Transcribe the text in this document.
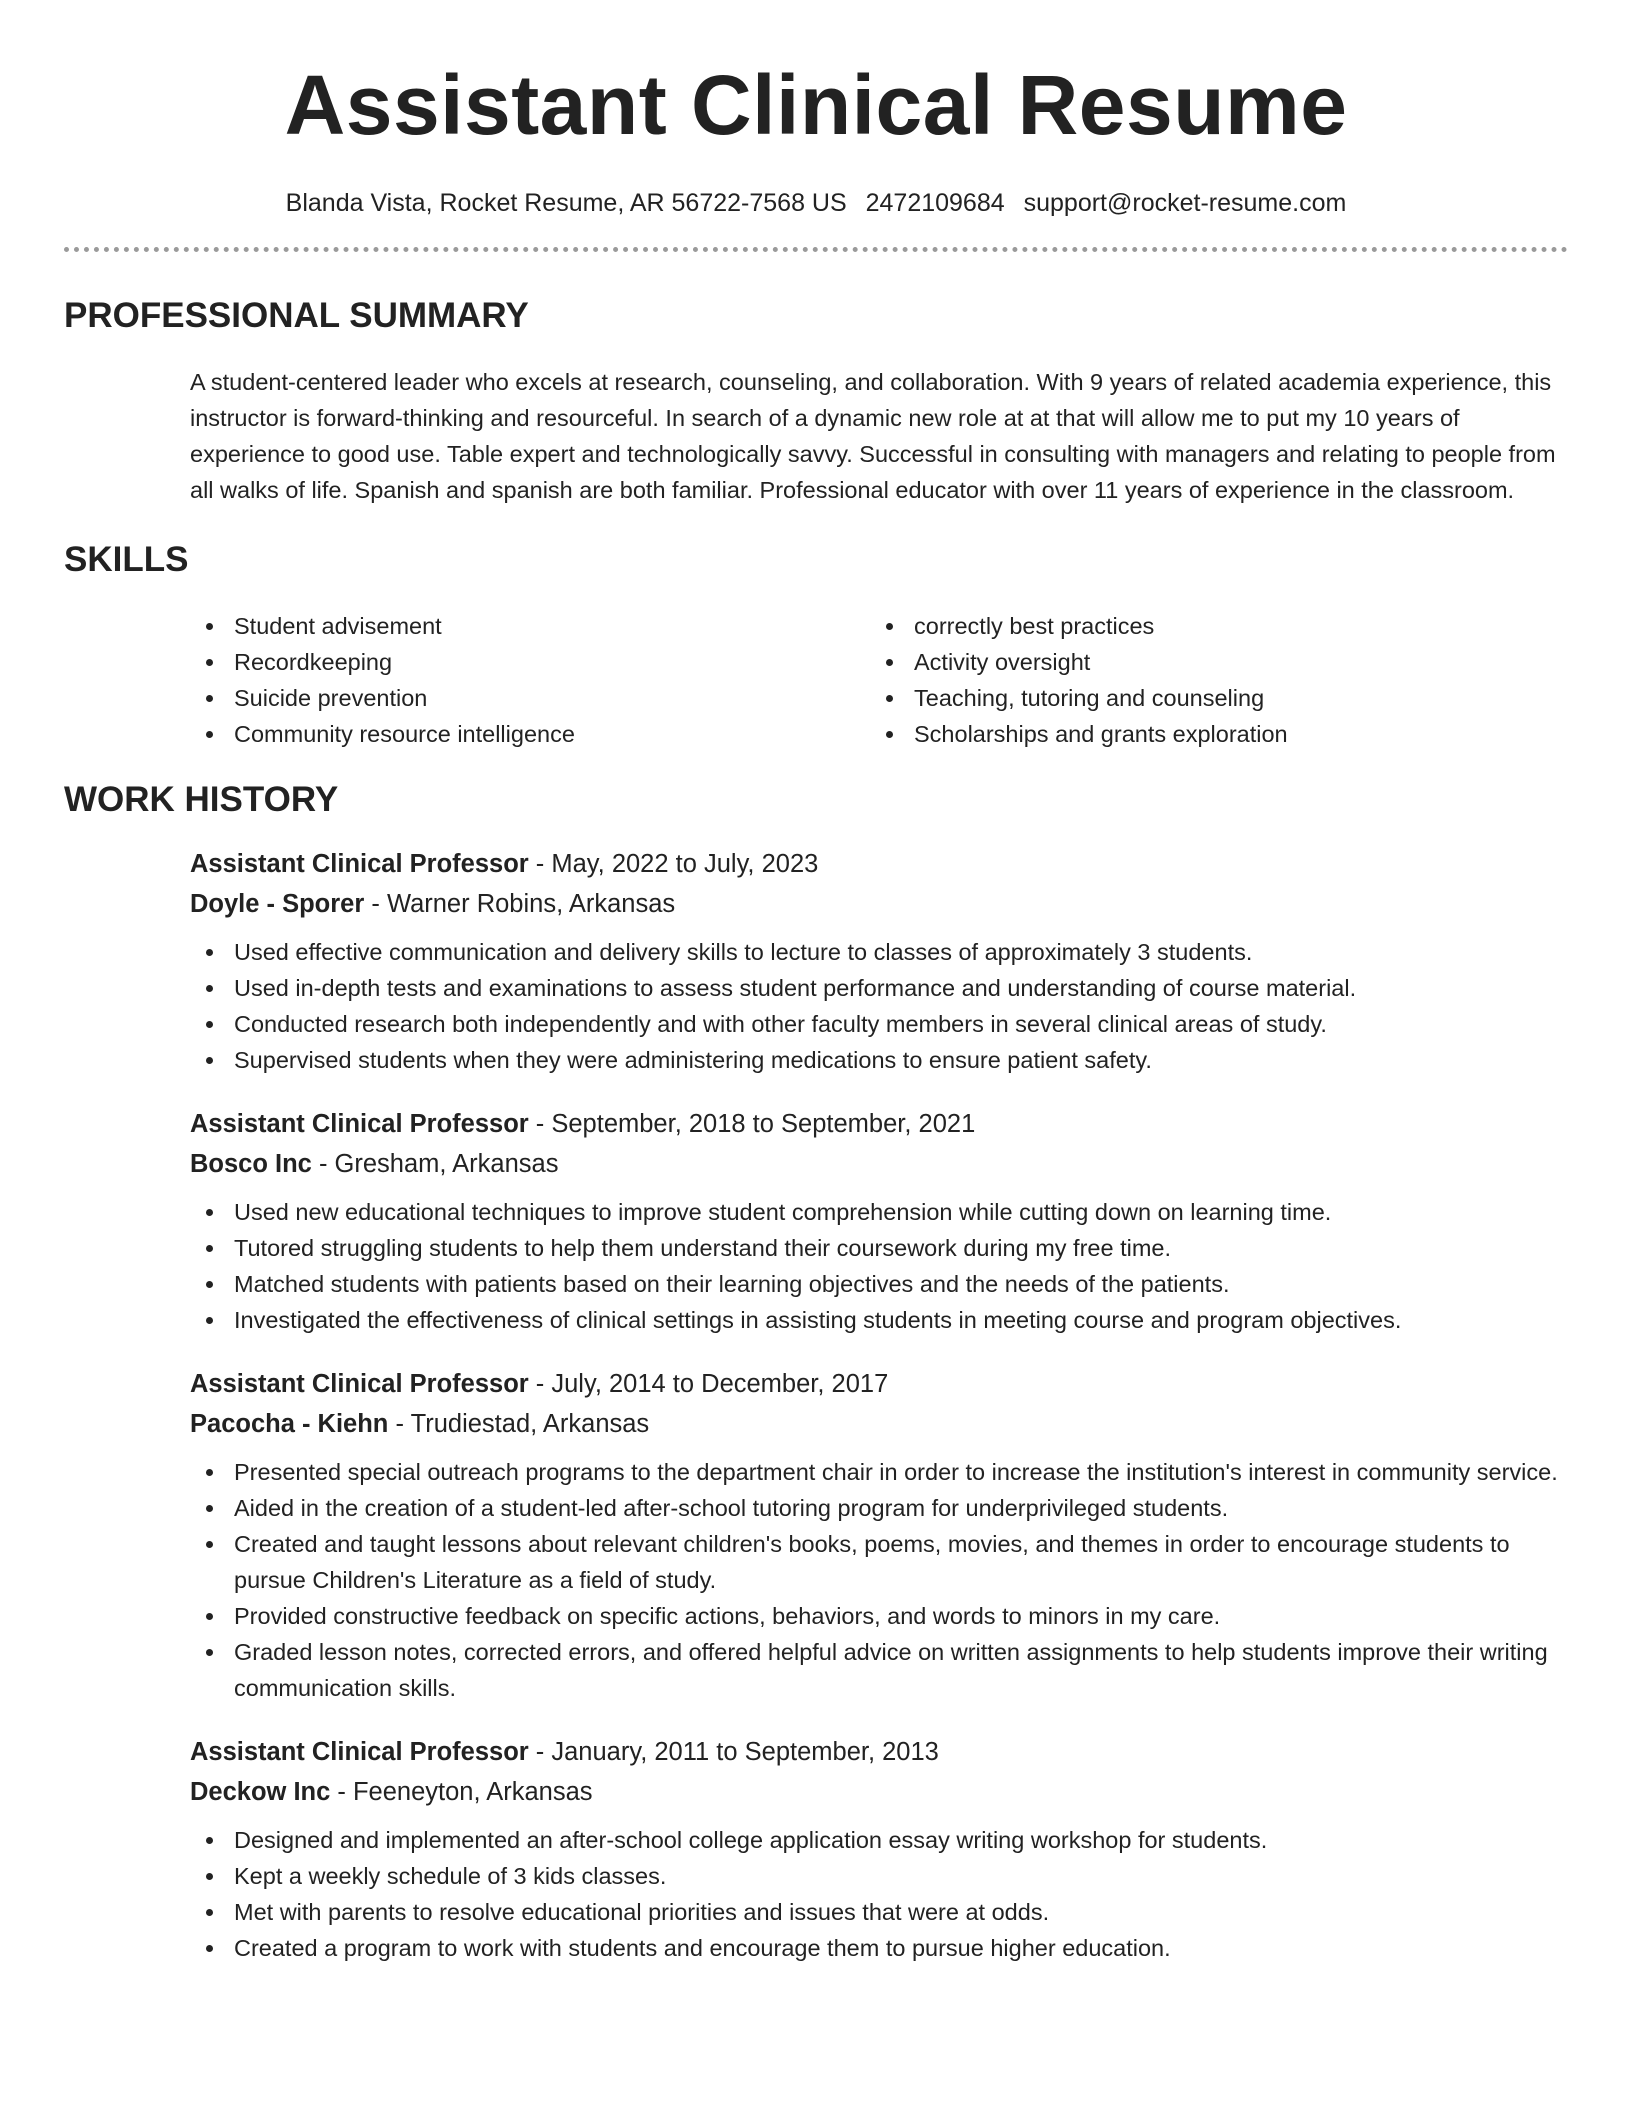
Assistant Clinical Resume
Blanda Vista, Rocket Resume, AR 56722-7568 US 2472109684 support@rocket-resume.com
PROFESSIONAL SUMMARY

A student-centered leader who excels at research, counseling, and collaboration. With 9 years of related academia experience, this instructor is forward-thinking and resourceful. In search of a dynamic new role at at that will allow me to put my 10 years of experience to good use. Table expert and technologically savvy. Successful in consulting with managers and relating to people from all walks of life. Spanish and spanish are both familiar. Professional educator with over 11 years of experience in the classroom.

SKILLS
Student advisement
Recordkeeping
Suicide prevention
Community resource intelligence
correctly best practices
Activity oversight
Teaching, tutoring and counseling
Scholarships and grants exploration
WORK HISTORY
Assistant Clinical Professor - May, 2022 to July, 2023
Doyle - Sporer - Warner Robins, Arkansas
Used effective communication and delivery skills to lecture to classes of approximately 3 students.
Used in-depth tests and examinations to assess student performance and understanding of course material.
Conducted research both independently and with other faculty members in several clinical areas of study.
Supervised students when they were administering medications to ensure patient safety.
Assistant Clinical Professor - September, 2018 to September, 2021
Bosco Inc - Gresham, Arkansas
Used new educational techniques to improve student comprehension while cutting down on learning time.
Tutored struggling students to help them understand their coursework during my free time.
Matched students with patients based on their learning objectives and the needs of the patients.
Investigated the effectiveness of clinical settings in assisting students in meeting course and program objectives.
Assistant Clinical Professor - July, 2014 to December, 2017
Pacocha - Kiehn - Trudiestad, Arkansas
Presented special outreach programs to the department chair in order to increase the institution's interest in community service.
Aided in the creation of a student-led after-school tutoring program for underprivileged students.
Created and taught lessons about relevant children's books, poems, movies, and themes in order to encourage students to pursue Children's Literature as a field of study.
Provided constructive feedback on specific actions, behaviors, and words to minors in my care.
Graded lesson notes, corrected errors, and offered helpful advice on written assignments to help students improve their writing communication skills.
Assistant Clinical Professor - January, 2011 to September, 2013
Deckow Inc - Feeneyton, Arkansas
Designed and implemented an after-school college application essay writing workshop for students.
Kept a weekly schedule of 3 kids classes.
Met with parents to resolve educational priorities and issues that were at odds.
Created a program to work with students and encourage them to pursue higher education.
